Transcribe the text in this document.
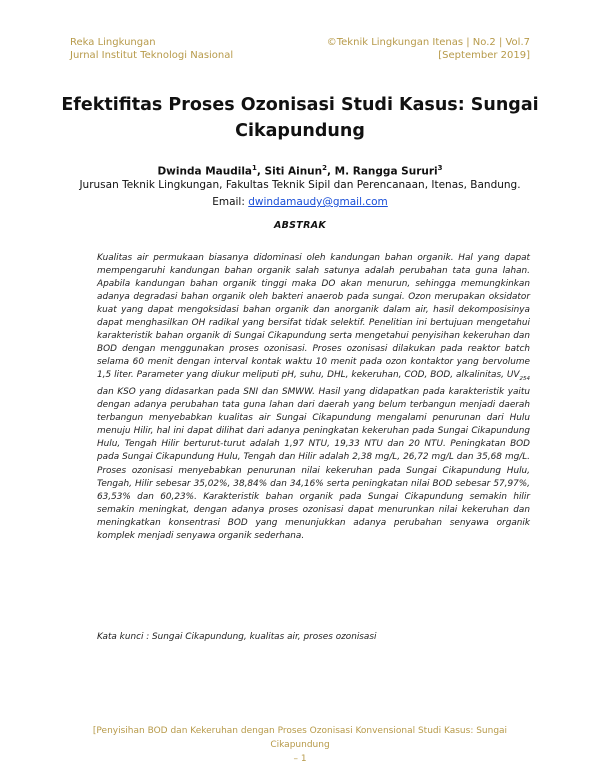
Reka Lingkungan
Jurnal Institut Teknologi Nasional
©Teknik Lingkungan Itenas | No.2 | Vol.7
[September 2019]
Efektifitas Proses Ozonisasi Studi Kasus: Sungai Cikapundung
Dwinda Maudila$^1$, Siti Ainun$^2$, M. Rangga Sururi$^3$
Jurusan Teknik Lingkungan, Fakultas Teknik Sipil dan Perencanaan, Itenas, Bandung.
Email: dwindamaudy@gmail.com
ABSTRAK
Kualitas air permukaan biasanya didominasi oleh kandungan bahan organik. Hal yang dapat mempengaruhi kandungan bahan organik salah satunya adalah perubahan tata guna lahan. Apabila kandungan bahan organik tinggi maka DO akan menurun, sehingga memungkinkan adanya degradasi bahan organik oleh bakteri anaerob pada sungai. Ozon merupakan oksidator kuat yang dapat mengoksidasi bahan organik dan anorganik dalam air, hasil dekomposisinya dapat menghasilkan OH radikal yang bersifat tidak selektif. Penelitian ini bertujuan mengetahui karakteristik bahan organik di Sungai Cikapundung serta mengetahui penyisihan kekeruhan dan BOD dengan menggunakan proses ozonisasi. Proses ozonisasi dilakukan pada reaktor batch selama 60 menit dengan interval kontak waktu 10 menit pada ozon kontaktor yang bervolume 1,5 liter. Parameter yang diukur meliputi pH, suhu, DHL, kekeruhan, COD, BOD, alkalinitas, $UV_{254}$ dan KSO yang didasarkan pada SNI dan SMWW. Hasil yang didapatkan pada karakteristik yaitu dengan adanya perubahan tata guna lahan dari daerah yang belum terbangun menjadi daerah terbangun menyebabkan kualitas air Sungai Cikapundung mengalami penurunan dari Hulu menuju Hilir, hal ini dapat dilihat dari adanya peningkatan kekeruhan pada Sungai Cikapundung Hulu, Tengah Hilir berturut-turut adalah 1,97 NTU, 19,33 NTU dan 20 NTU. Peningkatan BOD pada Sungai Cikapundung Hulu, Tengah dan Hilir adalah 2,38 mg/L, 26,72 mg/L dan 35,68 mg/L. Proses ozonisasi menyebabkan penurunan nilai kekeruhan pada Sungai Cikapundung Hulu, Tengah, Hilir sebesar 35,02%, 38,84% dan 34,16% serta peningkatan nilai BOD sebesar 57,97%, 63,53% dan 60,23%. Karakteristik bahan organik pada Sungai Cikapundung semakin hilir semakin meningkat, dengan adanya proses ozonisasi dapat menurunkan nilai kekeruhan dan meningkatkan konsentrasi BOD yang menunjukkan adanya perubahan senyawa organik komplek menjadi senyawa organik sederhana.
Kata kunci : Sungai Cikapundung, kualitas air, proses ozonisasi
[Penyisihan BOD dan Kekeruhan dengan Proses Ozonisasi Konvensional Studi Kasus: Sungai Cikapundung
– 1
